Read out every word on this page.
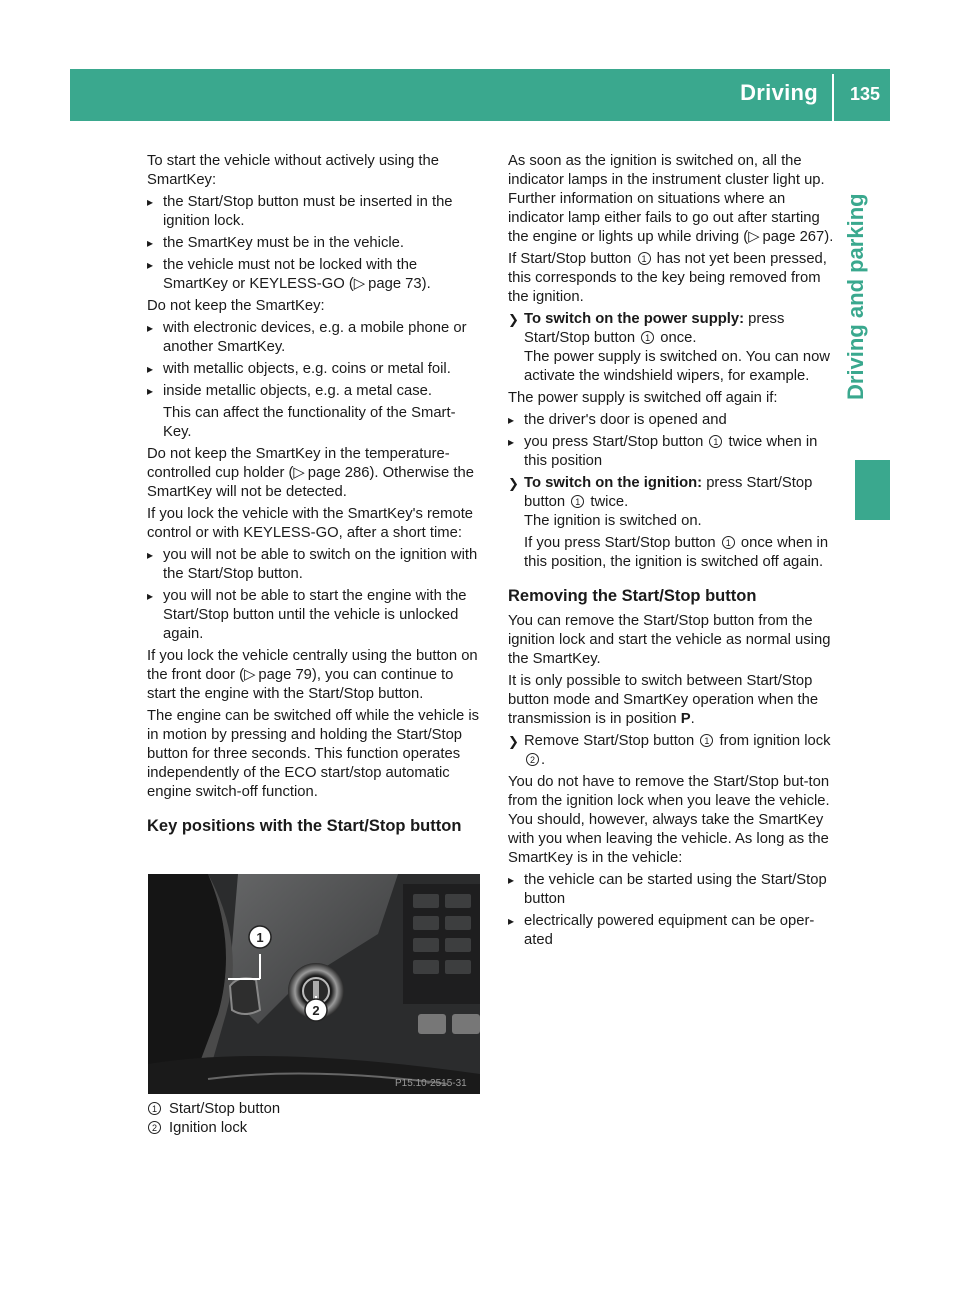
Driving	135
Driving and parking

To start the vehicle without actively using the SmartKey:

▸ the Start/Stop button must be inserted in the ignition lock.
▸ the SmartKey must be in the vehicle.
▸ the vehicle must not be locked with the SmartKey or KEYLESS-GO (▷  page 73).

Do not keep the SmartKey:

▸ with electronic devices, e.g. a mobile phone or another SmartKey.
▸ with metallic objects, e.g. coins or metal foil.
▸ inside metallic objects, e.g. a metal case.

This can affect the functionality of the Smart-Key.

Do not keep the SmartKey in the temperature-controlled cup holder (▷  page 286). Otherwise the SmartKey will not be detected.

If you lock the vehicle with the SmartKey's remote control or with KEYLESS-GO, after a short time:

▸ you will not be able to switch on the ignition with the Start/Stop button.
▸ you will not be able to start the engine with the Start/Stop button until the vehicle is unlocked again.

If you lock the vehicle centrally using the button on the front door (▷  page 79), you can continue to start the engine with the Start/Stop button.

The engine can be switched off while the vehicle is in motion by pressing and holding the Start/Stop button for three seconds. This function operates independently of the ECO start/stop automatic engine switch-off function.

Key positions with the Start/Stop button
1
2
P15.10-2515-31
1 Start/Stop button
2 Ignition lock

As soon as the ignition is switched on, all the indicator lamps in the instrument cluster light up. Further information on situations where an indicator lamp either fails to go out after starting the engine or lights up while driving (▷  page 267).

If Start/Stop button 1 has not yet been pressed, this corresponds to the key being removed from the ignition.

❯ To switch on the power supply: press Start/Stop button 1 once.
The power supply is switched on. You can now activate the windshield wipers, for example.

The power supply is switched off again if:

▸ the driver's door is opened and
▸ you press Start/Stop button 1 twice when in this position
❯ To switch on the ignition: press Start/Stop button 1 twice.
The ignition is switched on.

If you press Start/Stop button 1 once when in this position, the ignition is switched off again.

Removing the Start/Stop button

You can remove the Start/Stop button from the ignition lock and start the vehicle as normal using the SmartKey.

It is only possible to switch between Start/Stop button mode and SmartKey operation when the transmission is in position P.

❯ Remove Start/Stop button 1 from ignition lock 2 .

You do not have to remove the Start/Stop but-ton from the ignition lock when you leave the vehicle. You should, however, always take the SmartKey with you when leaving the vehicle. As long as the SmartKey is in the vehicle:

▸ the vehicle can be started using the Start/Stop button
▸ electrically powered equipment can be oper-ated
